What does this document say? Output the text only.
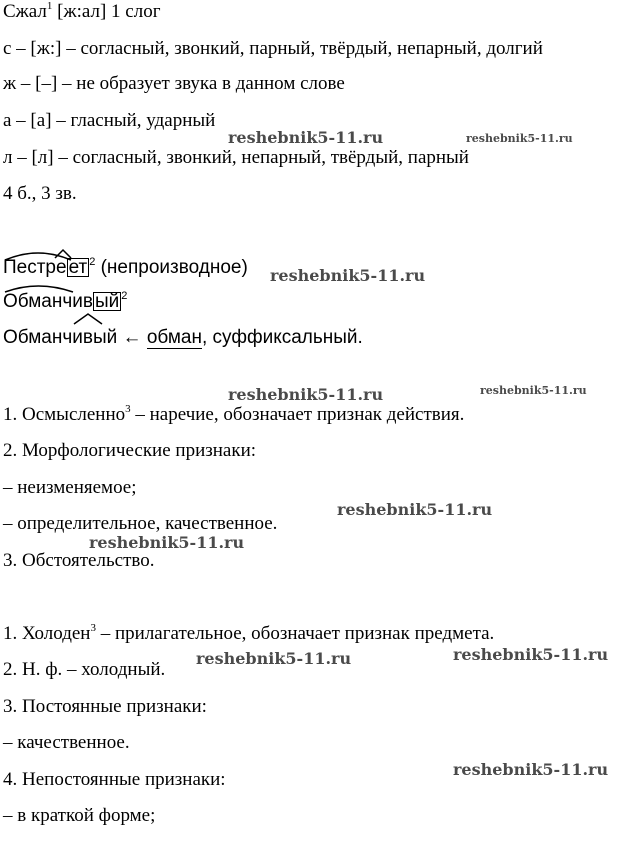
Сжал$^1$ [ж:ал] 1 слог
с – [ж:] – согласный, звонкий, парный, твёрдый, непарный, долгий
ж – [–] – не образует звука в данном слове
а – [а] – гласный, ударный
л – [л] – согласный, звонкий, непарный, твёрдый, парный
4 б., 3 зв.
Пестре ет $^2$ (непроизводное)
Обманчив ый $^2$
Обманчивый ← обман, суффиксальный.
1. Осмысленно$^3$ – наречие, обозначает признак действия.
2. Морфологические признаки:
– неизменяемое;
– определительное, качественное.
3. Обстоятельство.
1. Холоден$^3$ – прилагательное, обозначает признак предмета.
2. Н. ф. – холодный.
3. Постоянные признаки:
– качественное.
4. Непостоянные признаки:
– в краткой форме;
reshebnik5-11.ru	reshebnik5-11.ru
reshebnik5-11.ru
reshebnik5-11.ru	reshebnik5-11.ru
reshebnik5-11.ru
reshebnik5-11.ru
reshebnik5-11.ru	reshebnik5-11.ru
reshebnik5-11.ru
